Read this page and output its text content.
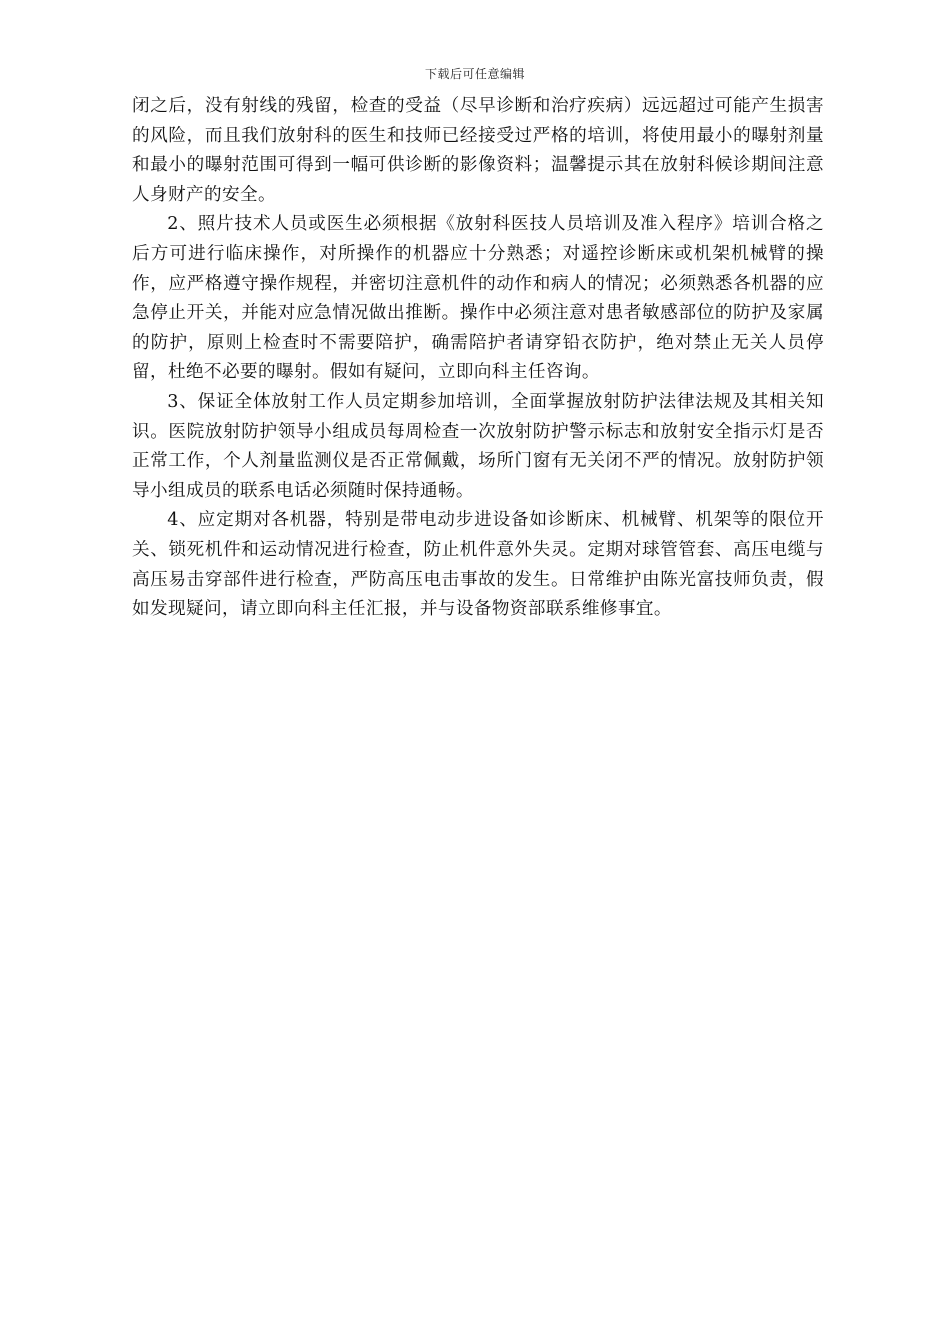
下载后可任意编辑

闭之后，没有射线的残留，检查的受益（尽早诊断和治疗疾病）远远超过可能产生损害的风险，而且我们放射科的医生和技师已经接受过严格的培训，将使用最小的曝射剂量和最小的曝射范围可得到一幅可供诊断的影像资料；温馨提示其在放射科候诊期间注意人身财产的安全。

2、照片技术人员或医生必须根据《放射科医技人员培训及准入程序》培训合格之后方可进行临床操作，对所操作的机器应十分熟悉；对遥控诊断床或机架机械臂的操作，应严格遵守操作规程，并密切注意机件的动作和病人的情况；必须熟悉各机器的应急停止开关，并能对应急情况做出推断。操作中必须注意对患者敏感部位的防护及家属的防护，原则上检查时不需要陪护，确需陪护者请穿铅衣防护，绝对禁止无关人员停留，杜绝不必要的曝射。假如有疑问，立即向科主任咨询。

3、保证全体放射工作人员定期参加培训，全面掌握放射防护法律法规及其相关知识。医院放射防护领导小组成员每周检查一次放射防护警示标志和放射安全指示灯是否正常工作，个人剂量监测仪是否正常佩戴，场所门窗有无关闭不严的情况。放射防护领导小组成员的联系电话必须随时保持通畅。

4、应定期对各机器，特别是带电动步进设备如诊断床、机械臂、机架等的限位开关、锁死机件和运动情况进行检查，防止机件意外失灵。定期对球管管套、高压电缆与高压易击穿部件进行检查，严防高压电击事故的发生。日常维护由陈光富技师负责，假如发现疑问，请立即向科主任汇报，并与设备物资部联系维修事宜。
